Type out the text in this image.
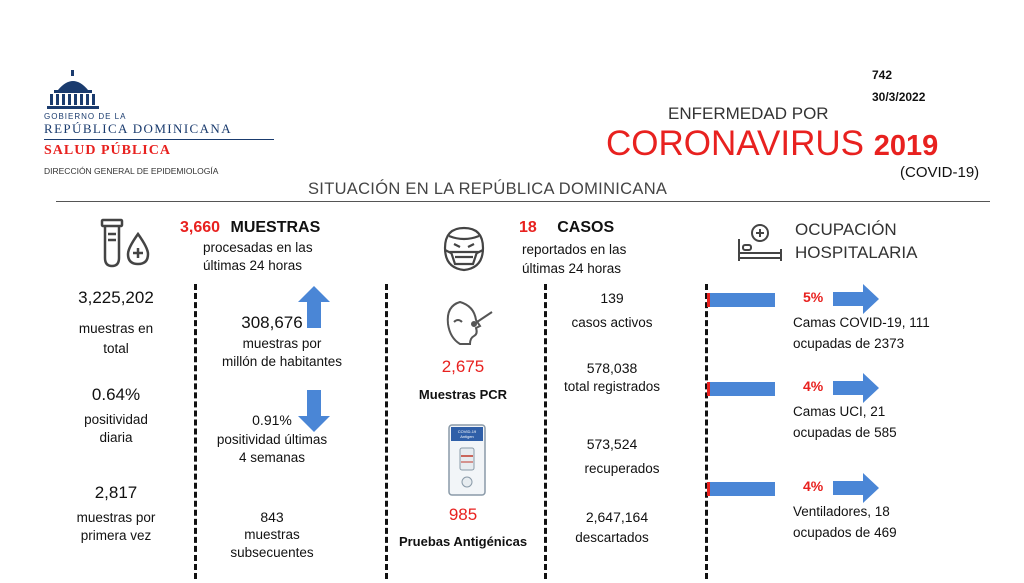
GOBIERNO DE LA
REPÚBLICA DOMINICANA
SALUD PÚBLICA
DIRECCIÓN GENERAL DE EPIDEMIOLOGÍA
742
30/3/2022
ENFERMEDAD POR
CORONAVIRUS 2019
(COVID-19)
SITUACIÓN EN LA REPÚBLICA DOMINICANA
3,660 MUESTRAS
procesadas en las
últimas 24 horas
3,225,202
muestras en
total
0.64%
positividad
diaria
2,817
muestras por
primera vez
308,676
muestras por
millón de habitantes
0.91%
positividad últimas
4 semanas
843
muestras
subsecuentes
18 CASOS
reportados en las
últimas 24 horas
2,675
Muestras PCR
COVID-19 Antigen
985
Pruebas Antigénicas
139
casos activos
578,038
total registrados
573,524
recuperados
2,647,164
descartados
OCUPACIÓN
HOSPITALARIA
5%
Camas COVID-19, 111
ocupadas de 2373
4%
Camas UCI, 21
ocupadas de 585
4%
Ventiladores, 18
ocupados de 469
